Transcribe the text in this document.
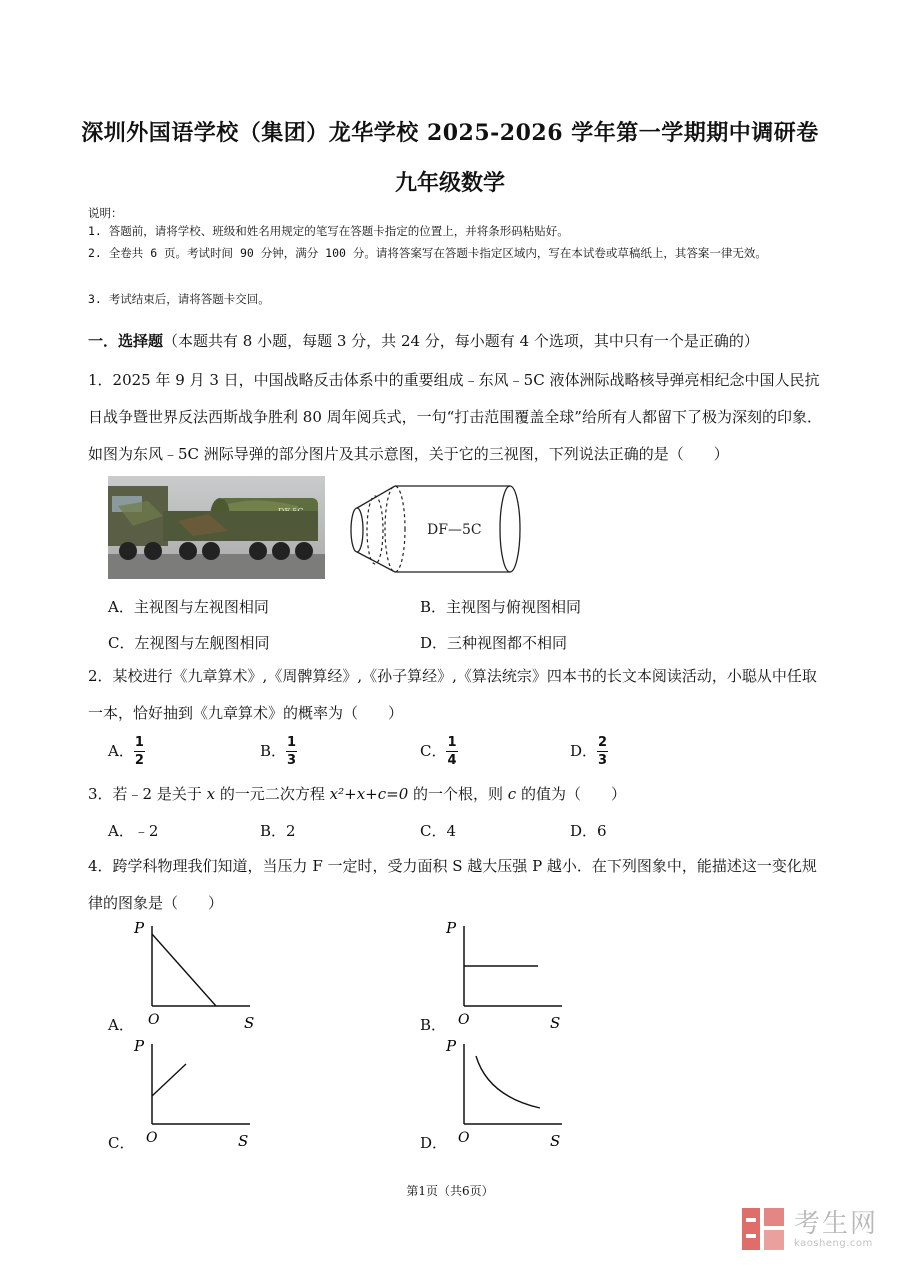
深圳外国语学校（集团）龙华学校 2025-2026 学年第一学期期中调研卷
九年级数学
说明：
1. 答题前，请将学校、班级和姓名用规定的笔写在答题卡指定的位置上，并将条形码粘贴好。
2. 全卷共 6 页。考试时间 90 分钟，满分 100 分。请将答案写在答题卡指定区域内，写在本试卷或草稿纸上，其答案一律无效。
3. 考试结束后，请将答题卡交回。
一．选择题（本题共有 8 小题，每题 3 分，共 24 分，每小题有 4 个选项，其中只有一个是正确的）
1．2025 年 9 月 3 日，中国战略反击体系中的重要组成﹣东风﹣5C 液体洲际战略核导弹亮相纪念中国人民抗日战争暨世界反法西斯战争胜利 80 周年阅兵式，一句“打击范围覆盖全球”给所有人都留下了极为深刻的印象．如图为东风﹣5C 洲际导弹的部分图片及其示意图，关于它的三视图，下列说法正确的是（　　）
DF—5C
A．主视图与左视图相同	B．主视图与俯视图相同
C．左视图与左舰图相同	D．三种视图都不相同
2．某校进行《九章算术》,《周髀算经》,《孙子算经》,《算法统宗》四本书的长文本阅读活动，小聪从中任取一本，恰好抽到《九章算术》的概率为（　　）
A． $\frac{1}{2}$	B． $\frac{1}{3}$	C． $\frac{1}{4}$	D． $\frac{2}{3}$
3．若﹣2 是关于 x 的一元二次方程 x²+x+c=0 的一个根，则 c 的值为（　　）
A．﹣2	B．2	C．4	D．6
4．跨学科物理我们知道，当压力 F 一定时，受力面积 S 越大压强 P 越小．在下列图象中，能描述这一变化规律的图象是（　　）
A．
P
S
O	B．
P
S
O
C．
P
S
O	D．
P
S
O
第1页（共6页）
考生网
kaosheng.com
